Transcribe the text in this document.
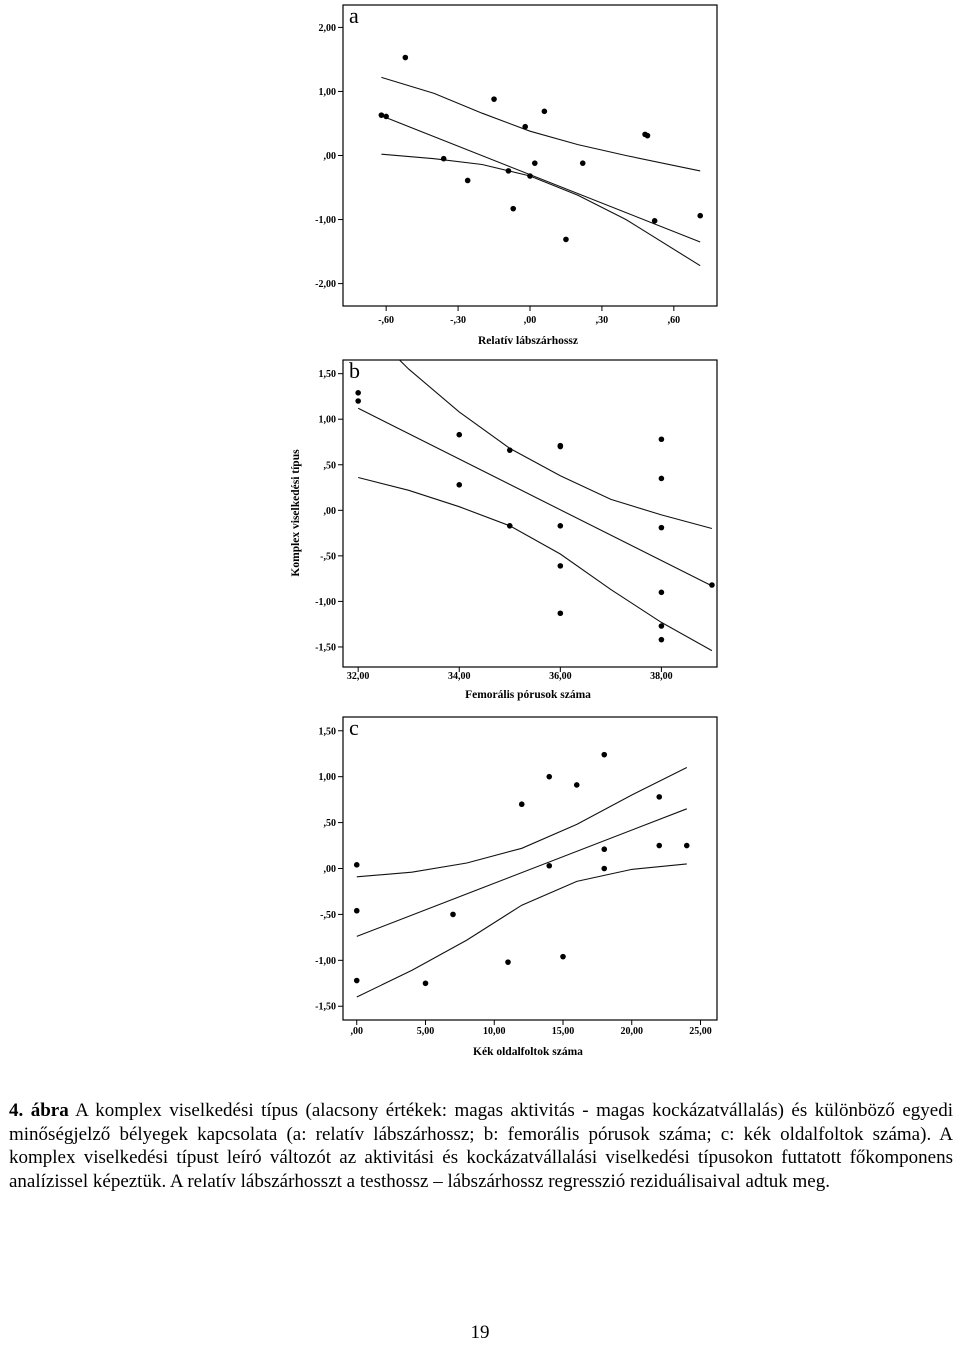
a
-2,00
-1,00
,00
1,00
2,00
-,60	-,30	,00	,30	,60
Relatív lábszárhossz
b
-1,50
-1,00
-,50
,00
,50
1,00
1,50
32,00	34,00	36,00	38,00
Femorális pórusok száma
Komplex viselkedési típus
c
-1,50
-1,00
-,50
,00
,50
1,00
1,50
,00	5,00	10,00	15,00	20,00	25,00
Kék oldalfoltok száma

4. ábra A komplex viselkedési típus (alacsony értékek: magas aktivitás - magas kockázatvállalás) és különböző egyedi minőségjelző bélyegek kapcsolata (a: relatív lábszárhossz; b: femorális pórusok száma; c: kék oldalfoltok száma). A komplex viselkedési típust leíró változót az aktivitási és kockázatvállalási viselkedési típusokon futtatott főkomponens analízissel képeztük. A relatív lábszárhosszt a testhossz – lábszárhossz regresszió reziduálisaival adtuk meg.

19
